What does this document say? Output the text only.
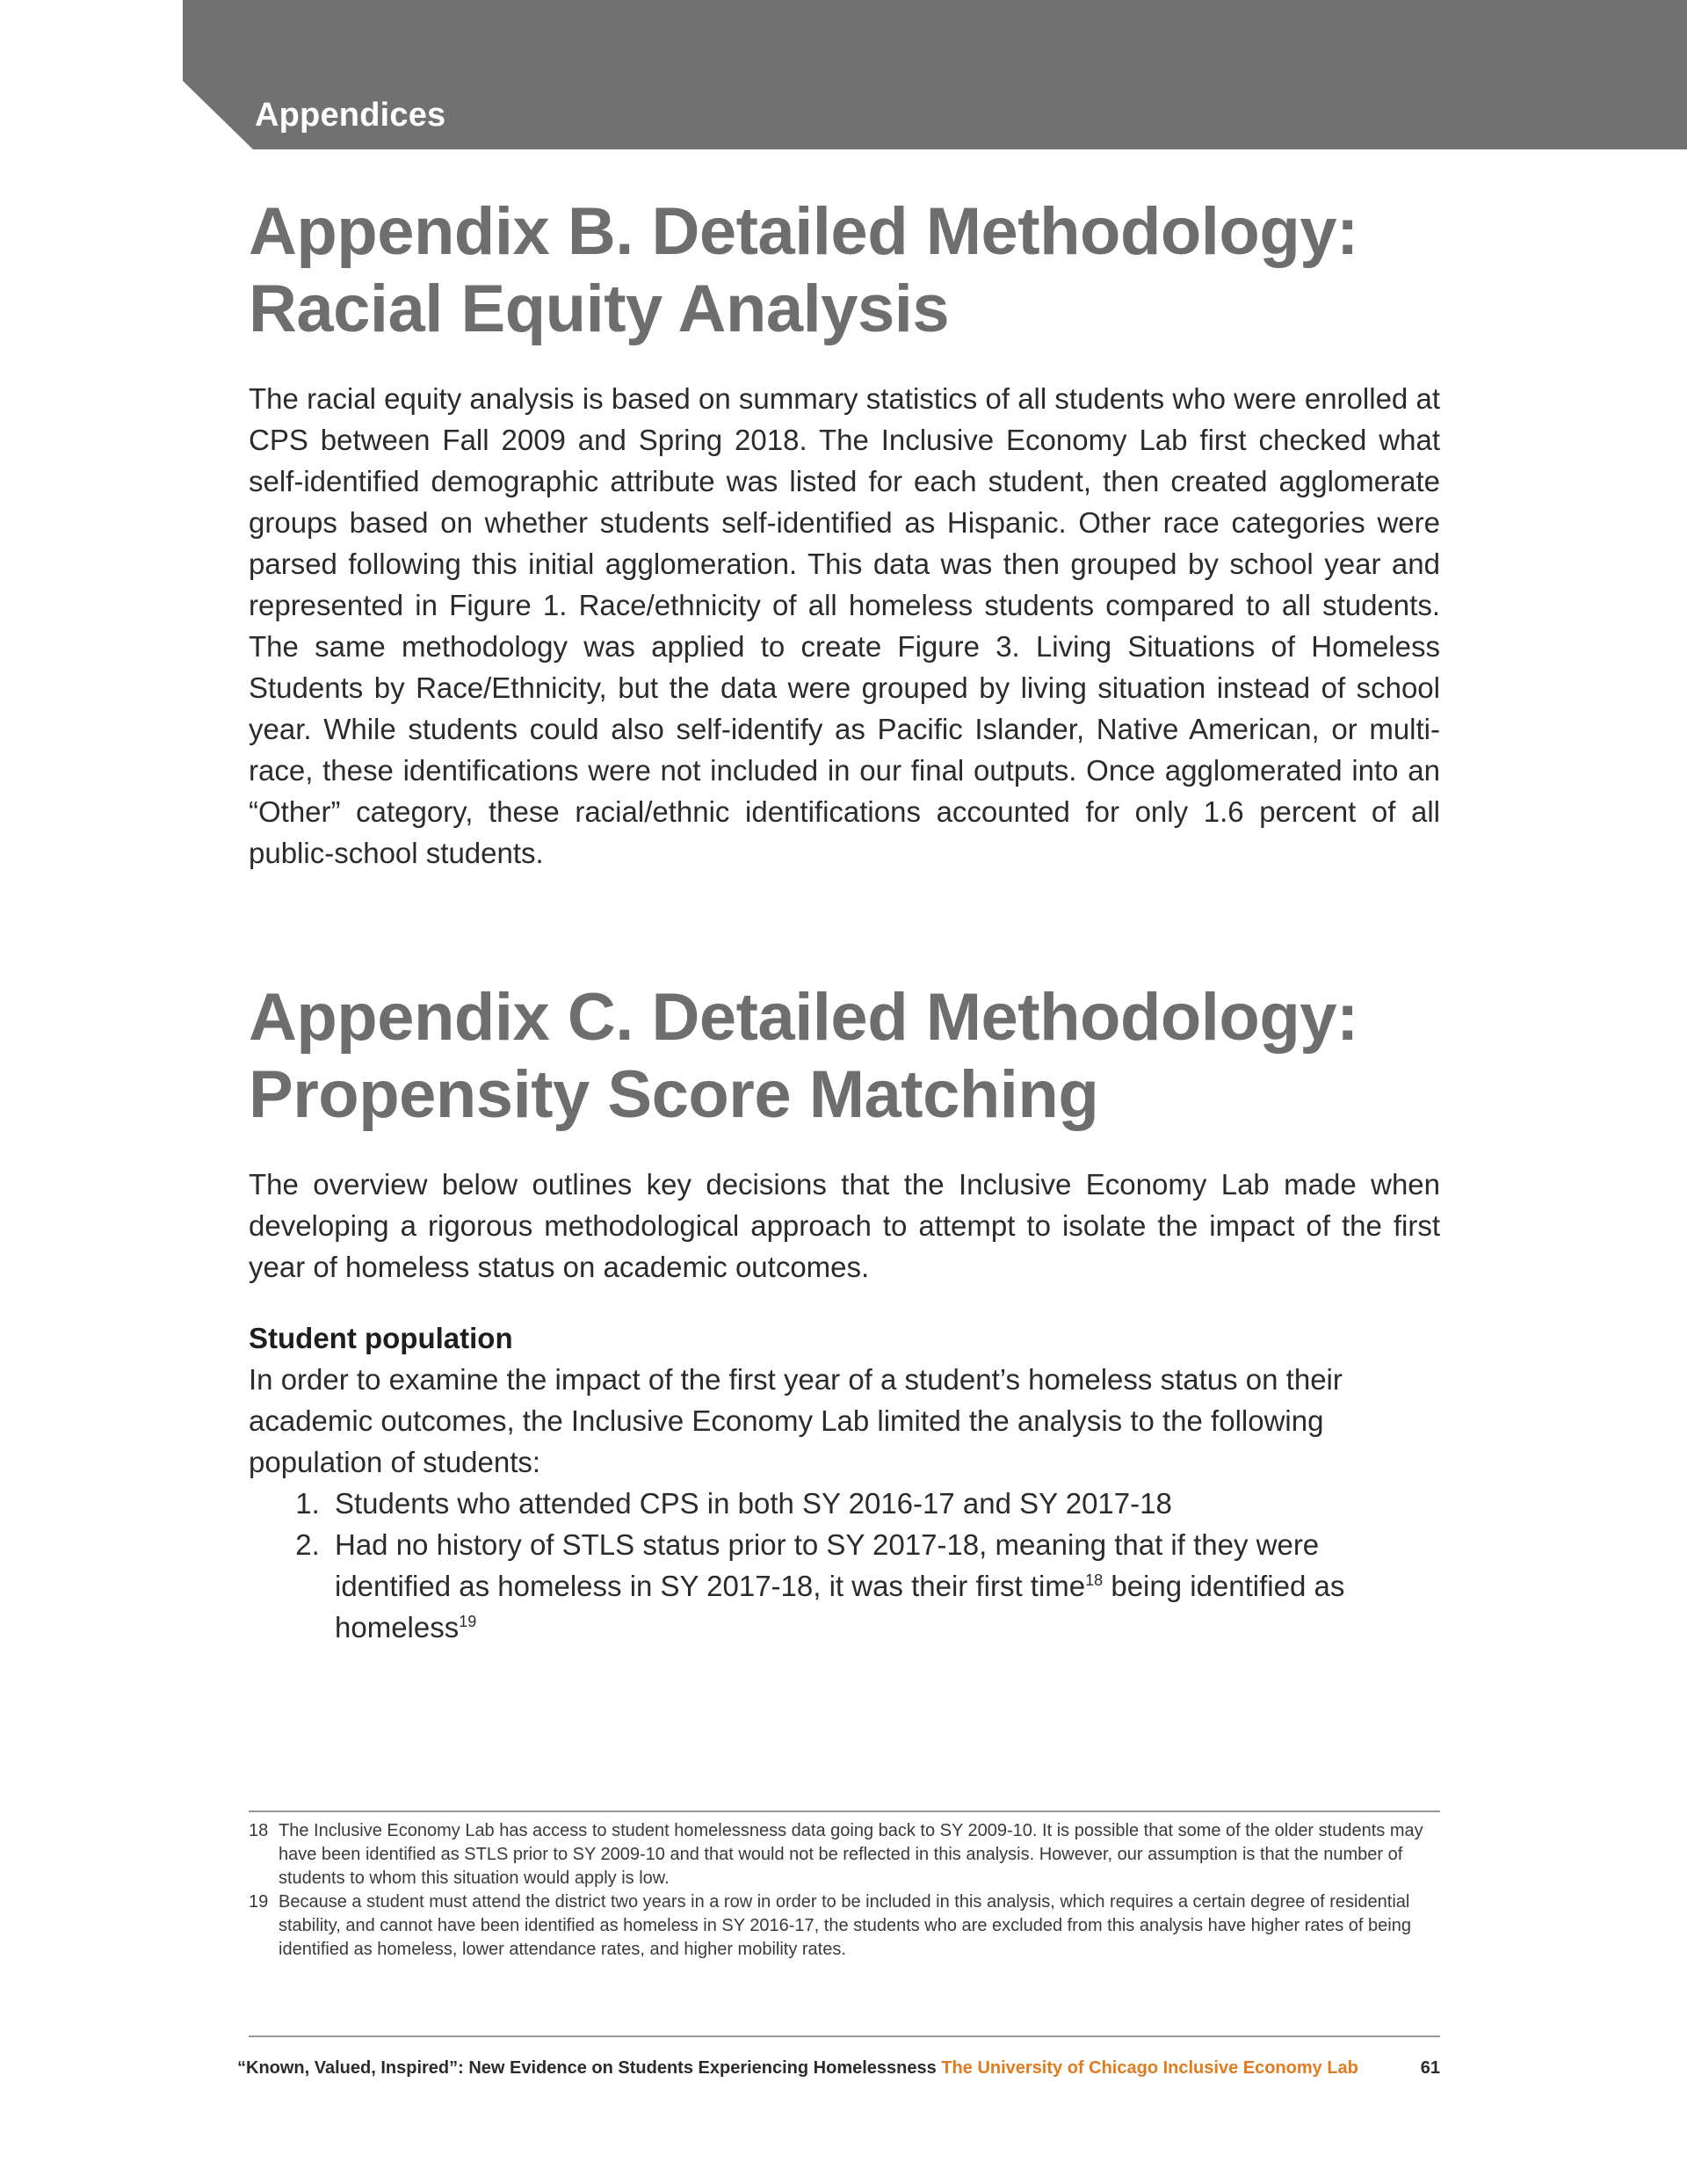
Appendices
Appendix B. Detailed Methodology:
Racial Equity Analysis

The racial equity analysis is based on summary statistics of all students who were enrolled at CPS between Fall 2009 and Spring 2018. The Inclusive Economy Lab first checked what self-identified demographic attribute was listed for each student, then created agglomerate groups based on whether students self-identified as Hispanic. Other race categories were parsed following this initial agglomeration. This data was then grouped by school year and represented in Figure 1. Race/ethnicity of all homeless students compared to all students. The same methodology was applied to create Figure 3. Living Situations of Homeless Students by Race/Ethnicity, but the data were grouped by living situation instead of school year. While students could also self-identify as Pacific Islander, Native American, or multi-race, these identifications were not included in our final outputs. Once agglomerated into an “Other” category, these racial/ethnic identifications accounted for only 1.6 percent of all public-school students.

Appendix C. Detailed Methodology:
Propensity Score Matching

The overview below outlines key decisions that the Inclusive Economy Lab made when developing a rigorous methodological approach to attempt to isolate the impact of the first year of homeless status on academic outcomes.

Student population

In order to examine the impact of the first year of a student’s homeless status on their academic outcomes, the Inclusive Economy Lab limited the analysis to the following population of students:

1. Students who attended CPS in both SY 2016-17 and SY 2017-18
2. Had no history of STLS status prior to SY 2017-18, meaning that if they were identified as homeless in SY 2017-18, it was their first time$^{18}$ being identified as homeless$^{19}$
18 The Inclusive Economy Lab has access to student homelessness data going back to SY 2009-10. It is possible that some of the older students may have been identified as STLS prior to SY 2009-10 and that would not be reflected in this analysis. However, our assumption is that the number of students to whom this situation would apply is low.
19 Because a student must attend the district two years in a row in order to be included in this analysis, which requires a certain degree of residential stability, and cannot have been identified as homeless in SY 2016-17, the students who are excluded from this analysis have higher rates of being identified as homeless, lower attendance rates, and higher mobility rates.
“Known, Valued, Inspired”: New Evidence on Students Experiencing Homelessness The University of Chicago Inclusive Economy Lab	61
